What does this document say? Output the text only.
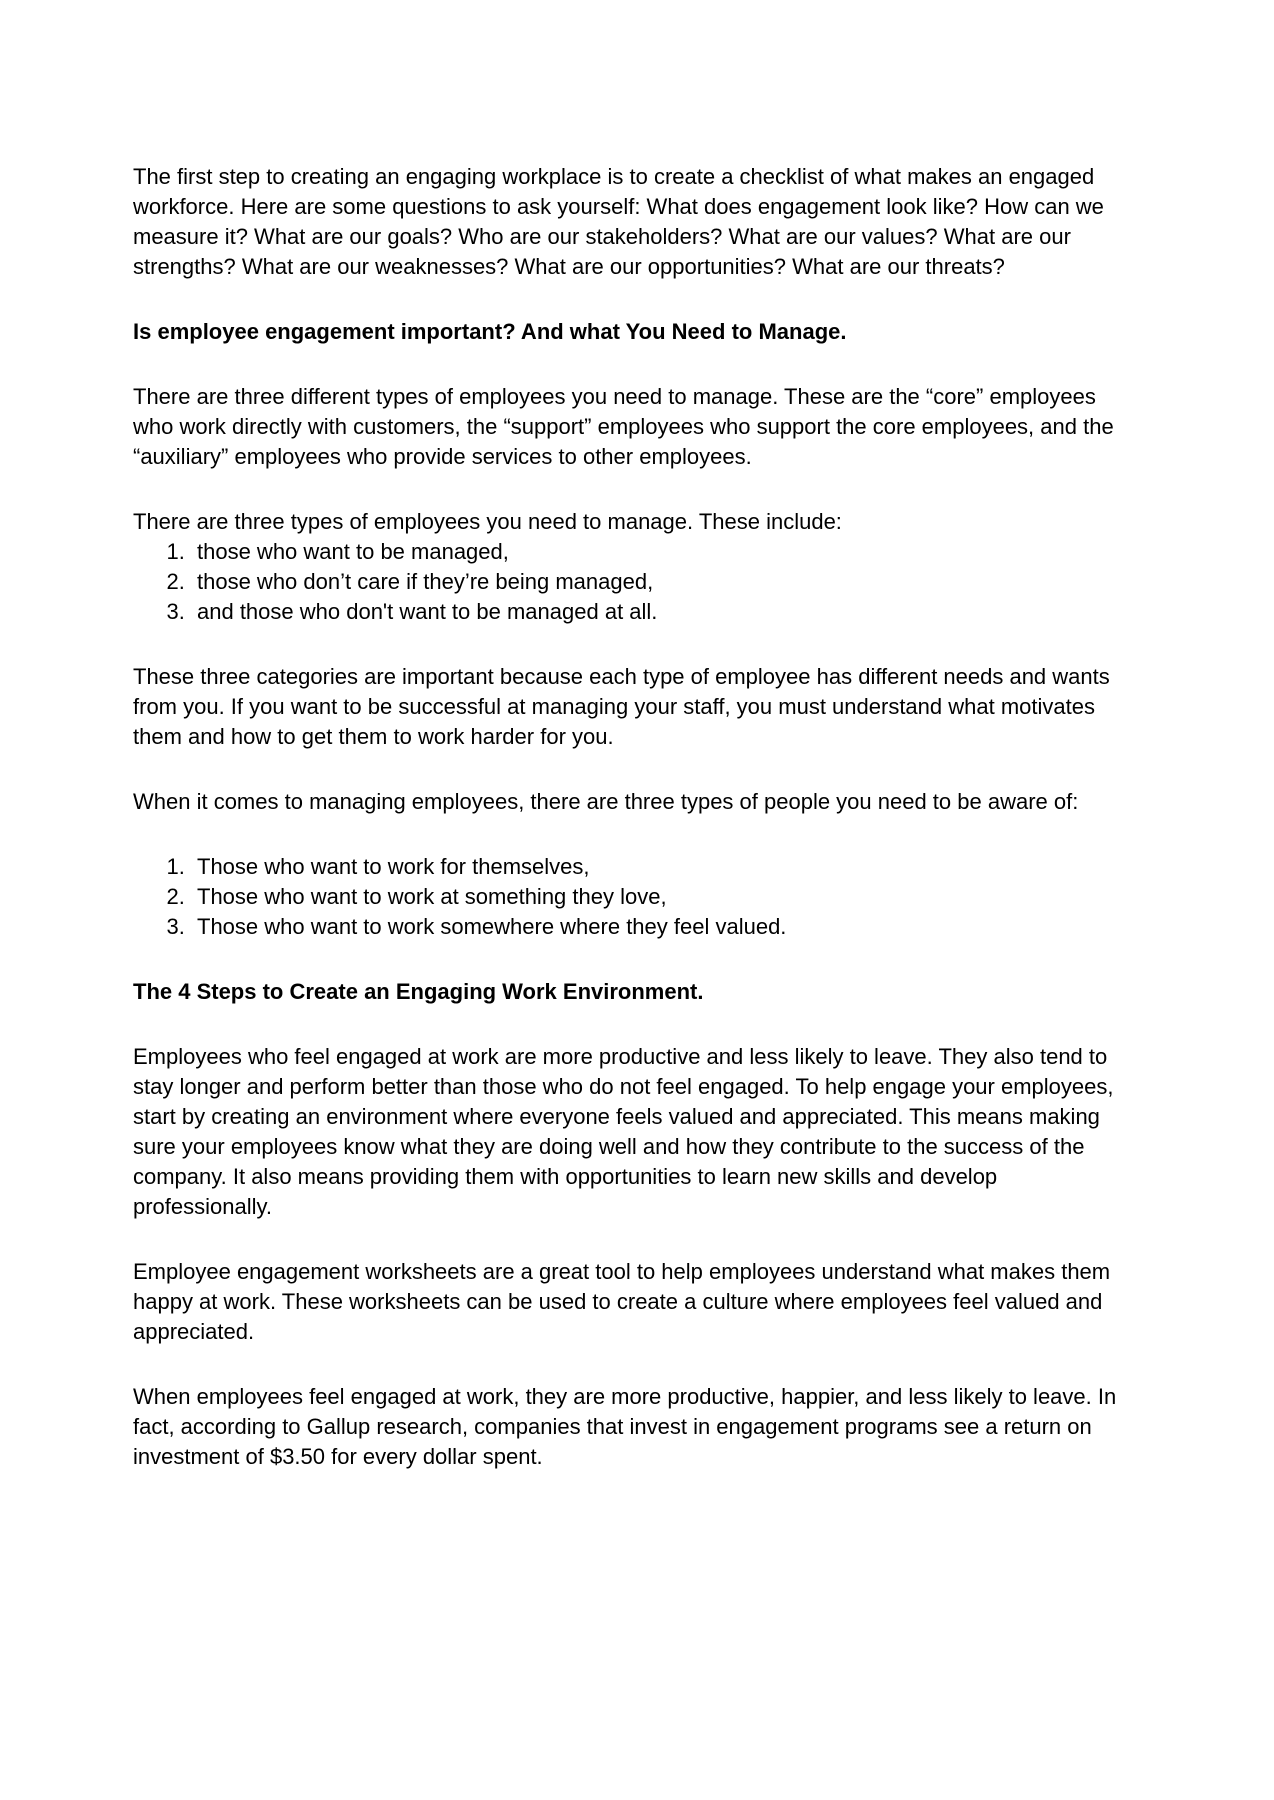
The first step to creating an engaging workplace is to create a checklist of what makes an engaged workforce. Here are some questions to ask yourself: What does engagement look like? How can we measure it? What are our goals? Who are our stakeholders? What are our values? What are our strengths? What are our weaknesses? What are our opportunities? What are our threats?

Is employee engagement important? And what You Need to Manage.

There are three different types of employees you need to manage. These are the “core” employees who work directly with customers, the “support” employees who support the core employees, and the “auxiliary” employees who provide services to other employees.

There are three types of employees you need to manage. These include:

1. those who want to be managed,
2. those who don’t care if they’re being managed,
3. and those who don't want to be managed at all.

These three categories are important because each type of employee has different needs and wants from you. If you want to be successful at managing your staff, you must understand what motivates them and how to get them to work harder for you.

When it comes to managing employees, there are three types of people you need to be aware of:

1. Those who want to work for themselves,
2. Those who want to work at something they love,
3. Those who want to work somewhere where they feel valued.
The 4 Steps to Create an Engaging Work Environment.

Employees who feel engaged at work are more productive and less likely to leave. They also tend to stay longer and perform better than those who do not feel engaged. To help engage your employees, start by creating an environment where everyone feels valued and appreciated. This means making sure your employees know what they are doing well and how they contribute to the success of the company. It also means providing them with opportunities to learn new skills and develop professionally.

Employee engagement worksheets are a great tool to help employees understand what makes them happy at work. These worksheets can be used to create a culture where employees feel valued and appreciated.

When employees feel engaged at work, they are more productive, happier, and less likely to leave. In fact, according to Gallup research, companies that invest in engagement programs see a return on investment of $3.50 for every dollar spent.
